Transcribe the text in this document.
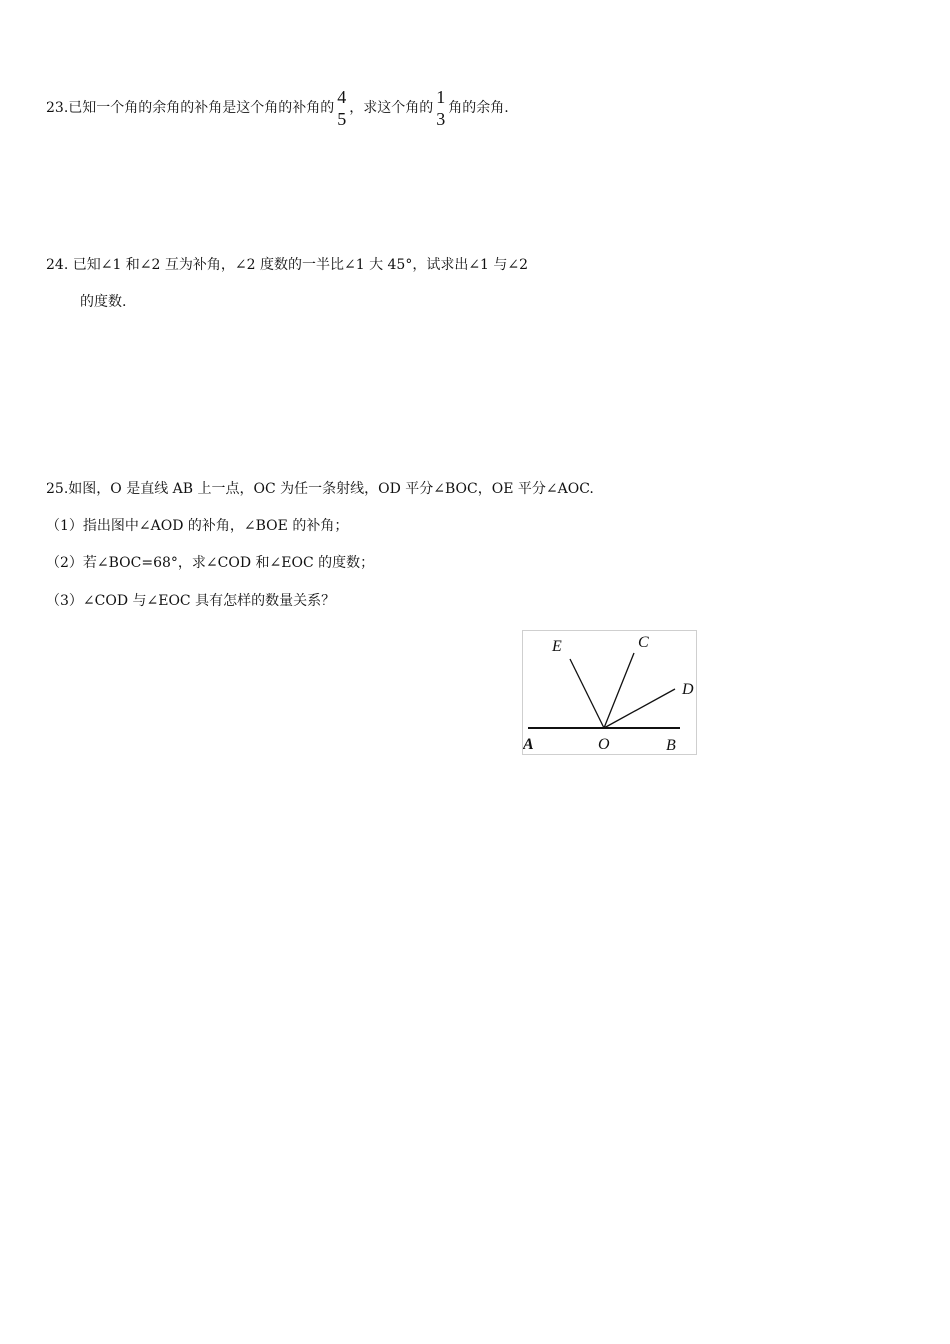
23.已知一个角的余角的补角是这个角的补角的
4
5
，求这个角的
1
3
角的余角.
24. 已知∠1 和∠2 互为补角，∠2 度数的一半比∠1 大 45°，试求出∠1 与∠2
的度数.
25.如图，O 是直线 AB 上一点，OC 为任一条射线，OD 平分∠BOC，OE 平分∠AOC.
（1）指出图中∠AOD 的补角，∠BOE 的补角；
（2）若∠BOC=68°，求∠COD 和∠EOC 的度数；
（3）∠COD 与∠EOC 具有怎样的数量关系？
E	C
D
A	O	B
